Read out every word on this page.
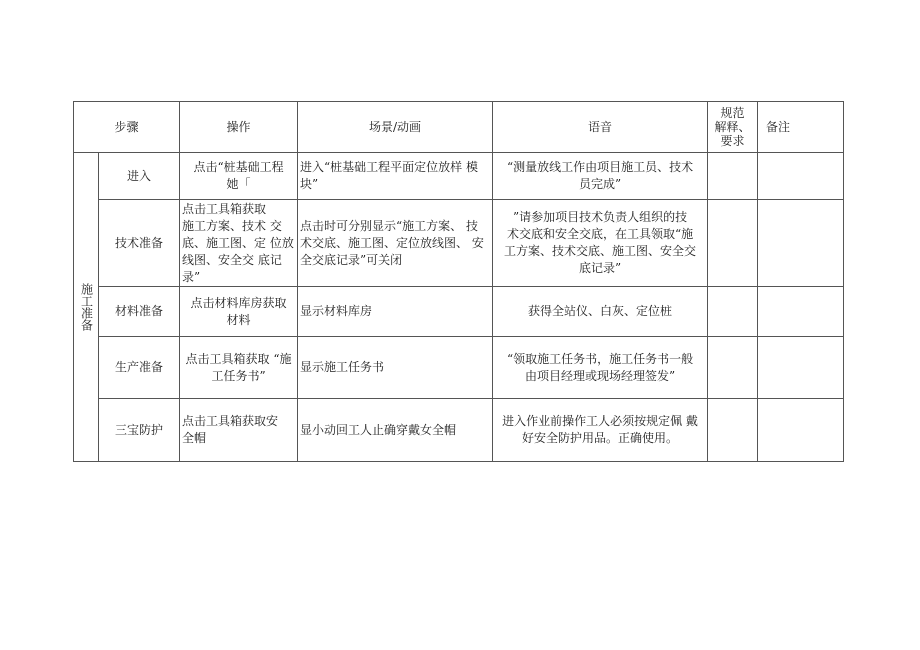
步骤		操作	场景/动画	语音	规范
解释、
要求	备注
施工准备	进入	点击“桩基础工程
她「	进入“桩基础工程平面定位放样 模
块”	“测量放线工作由项目施工员、技术
员完成”		
	技术准备	点击工具箱获取
施工方案、技术 交
底、施工图、定 位放
线图、安全交 底记录”	点击时可分别显示“施工方案、 技
术交底、施工图、定位放线图、 安
全交底记录”可关闭	”请参加项目技术负责人组织的技
术交底和安全交底，在工具领取“施
工方案、技术交底、施工图、安全交
底记录”		
	材料准备	点击材料库房获取
材料	显示材料库房	获得全站仪、白灰、定位桩		
	生产准备	点击工具箱获取 “施
工任务书”	显示施工任务书	“领取施工任务书，施工任务书一般
由项目经理或现场经理签发”		
	三宝防护	点击工具箱获取安
全帽	显小动回工人止确穿戴女全帽	进入作业前操作工人必须按规定佩 戴
好安全防护用品。正确使用。		
